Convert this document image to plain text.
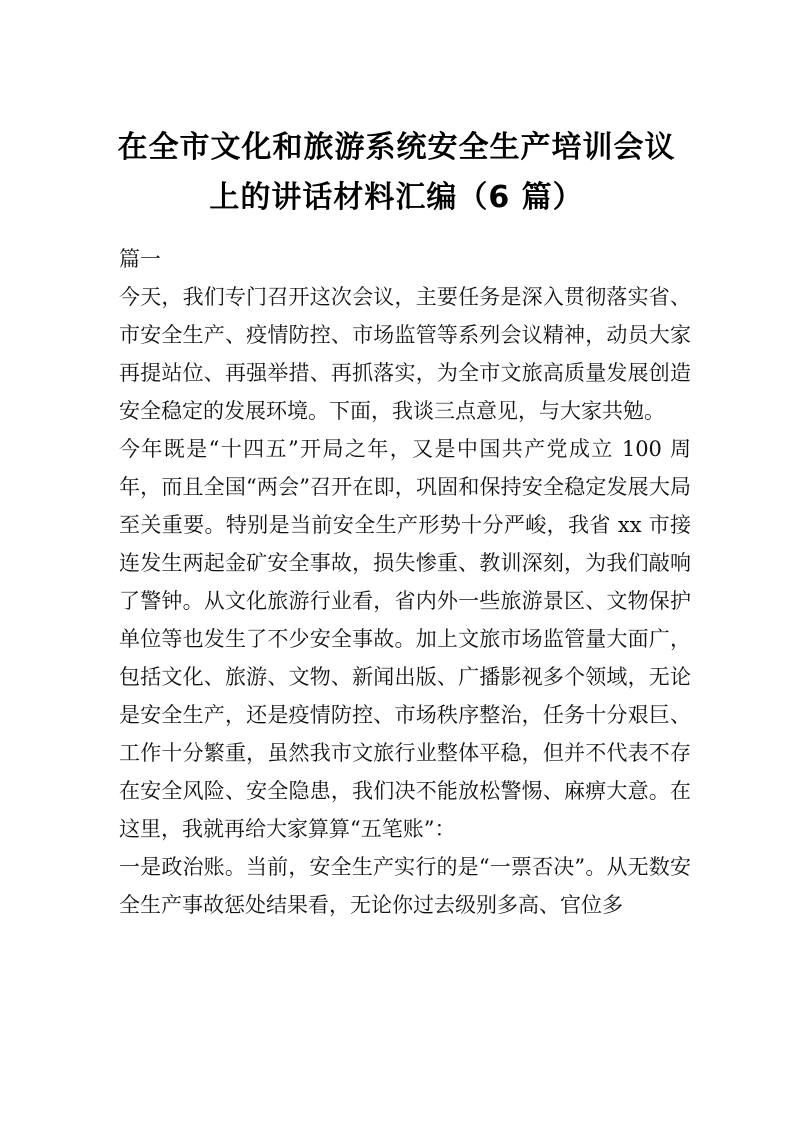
在全市文化和旅游系统安全生产培训会议
上的讲话材料汇编（6 篇）

篇一

今天，我们专门召开这次会议，主要任务是深入贯彻落实省、市安全生产、疫情防控、市场监管等系列会议精神，动员大家再提站位、再强举措、再抓落实，为全市文旅高质量发展创造安全稳定的发展环境。下面，我谈三点意见，与大家共勉。

今年既是“十四五”开局之年，又是中国共产党成立 100 周年，而且全国“两会”召开在即，巩固和保持安全稳定发展大局至关重要。特别是当前安全生产形势十分严峻，我省 xx 市接连发生两起金矿安全事故，损失惨重、教训深刻，为我们敲响了警钟。从文化旅游行业看，省内外一些旅游景区、文物保护单位等也发生了不少安全事故。加上文旅市场监管量大面广，包括文化、旅游、文物、新闻出版、广播影视多个领域，无论是安全生产，还是疫情防控、市场秩序整治，任务十分艰巨、工作十分繁重，虽然我市文旅行业整体平稳，但并不代表不存在安全风险、安全隐患，我们决不能放松警惕、麻痹大意。在这里，我就再给大家算算“五笔账”：

一是政治账。当前，安全生产实行的是“一票否决”。从无数安全生产事故惩处结果看，无论你过去级别多高、官位多
